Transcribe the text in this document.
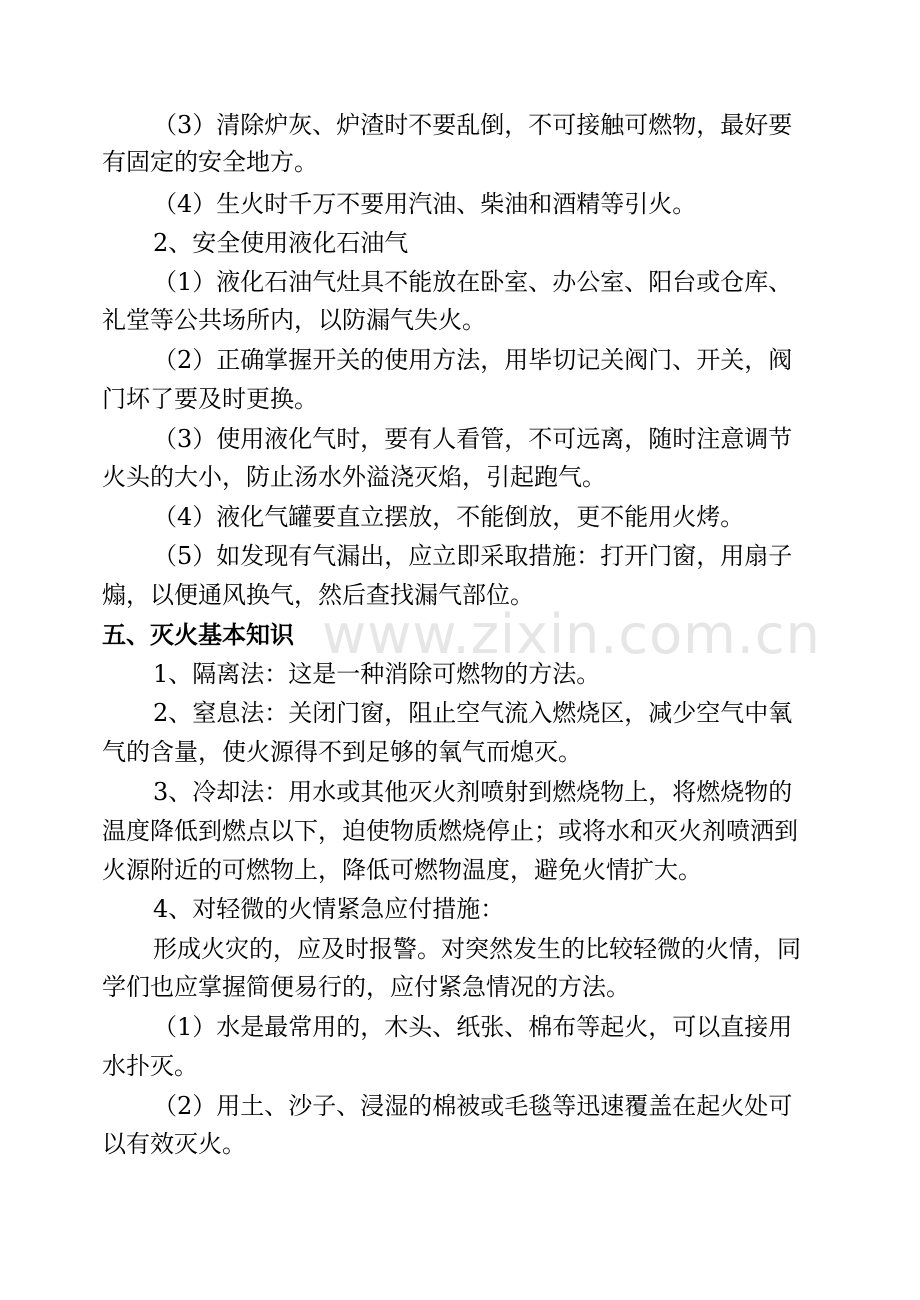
www.zixin.com.cn
（3）清除炉灰、炉渣时不要乱倒，不可接触可燃物，最好要
有固定的安全地方。
（4）生火时千万不要用汽油、柴油和酒精等引火。
2、安全使用液化石油气
（1）液化石油气灶具不能放在卧室、办公室、阳台或仓库、
礼堂等公共场所内，以防漏气失火。
（2）正确掌握开关的使用方法，用毕切记关阀门、开关，阀
门坏了要及时更换。
（3）使用液化气时，要有人看管，不可远离，随时注意调节
火头的大小，防止汤水外溢浇灭焰，引起跑气。
（4）液化气罐要直立摆放，不能倒放，更不能用火烤。
（5）如发现有气漏出，应立即采取措施：打开门窗，用扇子
煽，以便通风换气，然后查找漏气部位。
五、灭火基本知识
1、隔离法：这是一种消除可燃物的方法。
2、窒息法：关闭门窗，阻止空气流入燃烧区，减少空气中氧
气的含量，使火源得不到足够的氧气而熄灭。
3、冷却法：用水或其他灭火剂喷射到燃烧物上，将燃烧物的
温度降低到燃点以下，迫使物质燃烧停止；或将水和灭火剂喷洒到
火源附近的可燃物上，降低可燃物温度，避免火情扩大。
4、对轻微的火情紧急应付措施：
形成火灾的，应及时报警。对突然发生的比较轻微的火情，同
学们也应掌握简便易行的，应付紧急情况的方法。
（1）水是最常用的，木头、纸张、棉布等起火，可以直接用
水扑灭。
（2）用土、沙子、浸湿的棉被或毛毯等迅速覆盖在起火处可
以有效灭火。
